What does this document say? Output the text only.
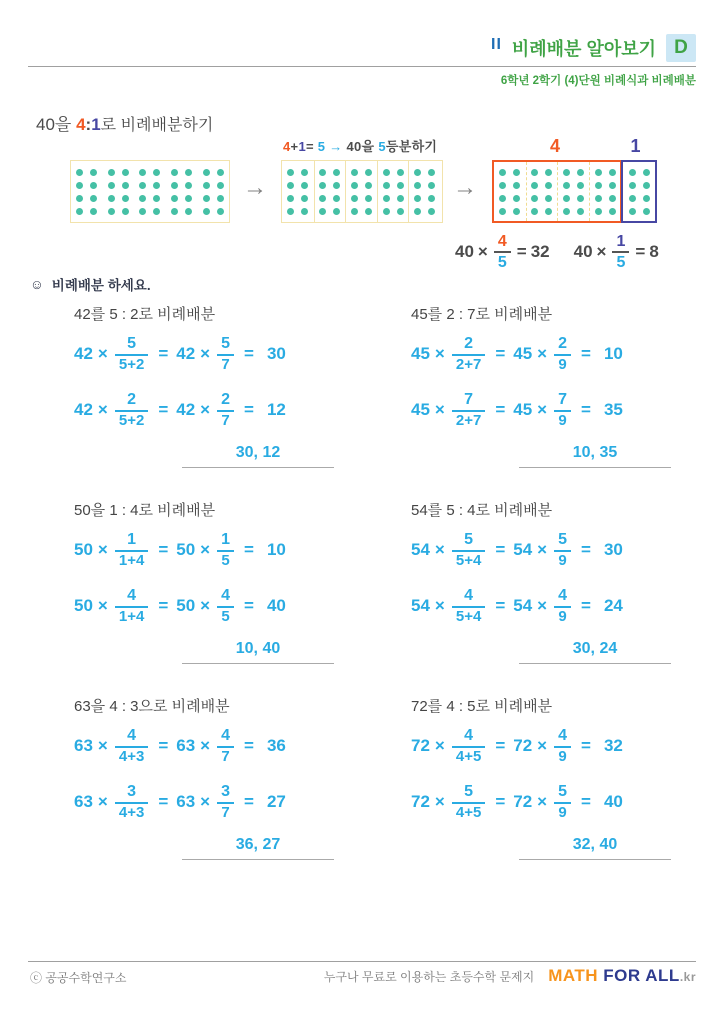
II 비례배분 알아보기 D
6학년 2학기 (4)단원 비례식과 비례배분
40을 4:1로 비례배분하기
4+1= 5 → 40을 5등분하기
→	→
4	1
$40 \times \frac{4}{5} = 32$ $40 \times \frac{1}{5} = 8$
☺ 비례배분 하세요.
42를 5 : 2로 비례배분
$42 \times \frac{5}{5+2} = 42 \times \frac{5}{7} = 30$
$42 \times \frac{2}{5+2} = 42 \times \frac{2}{7} = 12$
30, 12
45를 2 : 7로 비례배분
$45 \times \frac{2}{2+7} = 45 \times \frac{2}{9} = 10$
$45 \times \frac{7}{2+7} = 45 \times \frac{7}{9} = 35$
10, 35
50을 1 : 4로 비례배분
$50 \times \frac{1}{1+4} = 50 \times \frac{1}{5} = 10$
$50 \times \frac{4}{1+4} = 50 \times \frac{4}{5} = 40$
10, 40
54를 5 : 4로 비례배분
$54 \times \frac{5}{5+4} = 54 \times \frac{5}{9} = 30$
$54 \times \frac{4}{5+4} = 54 \times \frac{4}{9} = 24$
30, 24
63을 4 : 3으로 비례배분
$63 \times \frac{4}{4+3} = 63 \times \frac{4}{7} = 36$
$63 \times \frac{3}{4+3} = 63 \times \frac{3}{7} = 27$
36, 27
72를 4 : 5로 비례배분
$72 \times \frac{4}{4+5} = 72 \times \frac{4}{9} = 32$
$72 \times \frac{5}{4+5} = 72 \times \frac{5}{9} = 40$
32, 40
ⓒ 공공수학연구소	누구나 무료로 이용하는 초등수학 문제지 MATH FOR ALL.kr
